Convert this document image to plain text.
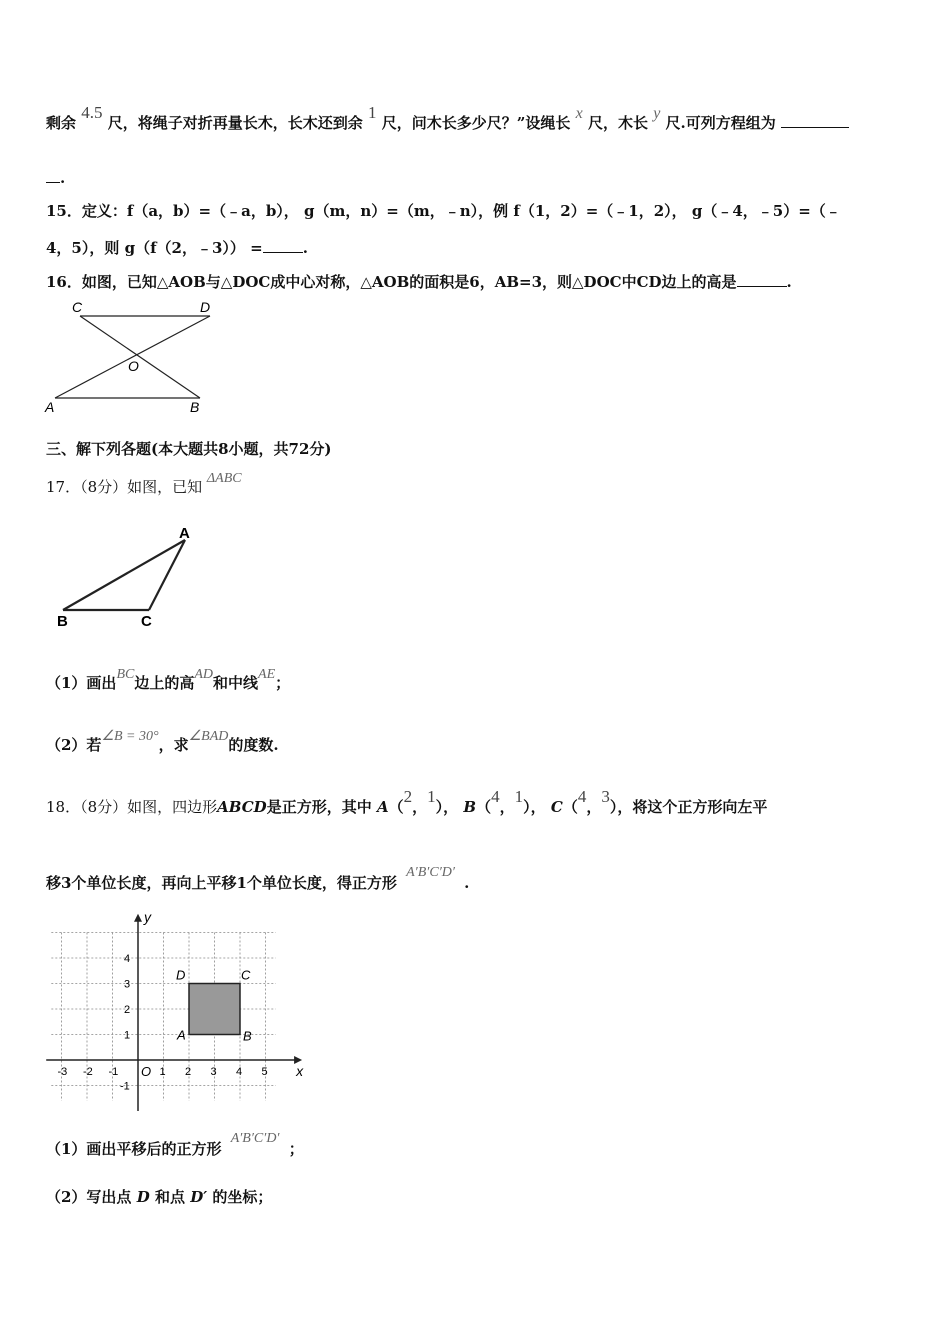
剩余 4.5 尺，将绳子对折再量长木，长木还到余 1 尺，问木长多少尺？”设绳长 x 尺，木长 y 尺.可列方程组为
.
15．定义：f（a，b）=（﹣a，b）， g（m，n）=（m，﹣n），例 f（1，2）=（﹣1，2）， g（﹣4，﹣5）=（﹣
4，5），则 g（f（2，﹣3）） =	.
16．如图，已知△AOB与△DOC成中心对称，△AOB的面积是6，AB=3，则△DOC中CD边上的高是	.
C	D
O
A	B
三、解下列各题(本大题共8小题，共72分)
17．（8分）如图，已知 ΔABC
A
B	C
（1）画出BC边上的高AD和中线AE；
（2）若∠B = 30°，求∠BAD的度数.
18．（8分）如图，四边形ABCD是正方形，其中 A（2，1）， B（4，1）， C（4，3），将这个正方形向左平
移3个单位长度，再向上平移1个单位长度，得正方形 A′B′C′D′ .
x
y
O
-3 -2 -1	1 2 3 4 5
4
3
2
1
-1
A	B
C
D
（1）画出平移后的正方形 A′B′C′D′ ；
（2）写出点 D 和点 D′ 的坐标；
